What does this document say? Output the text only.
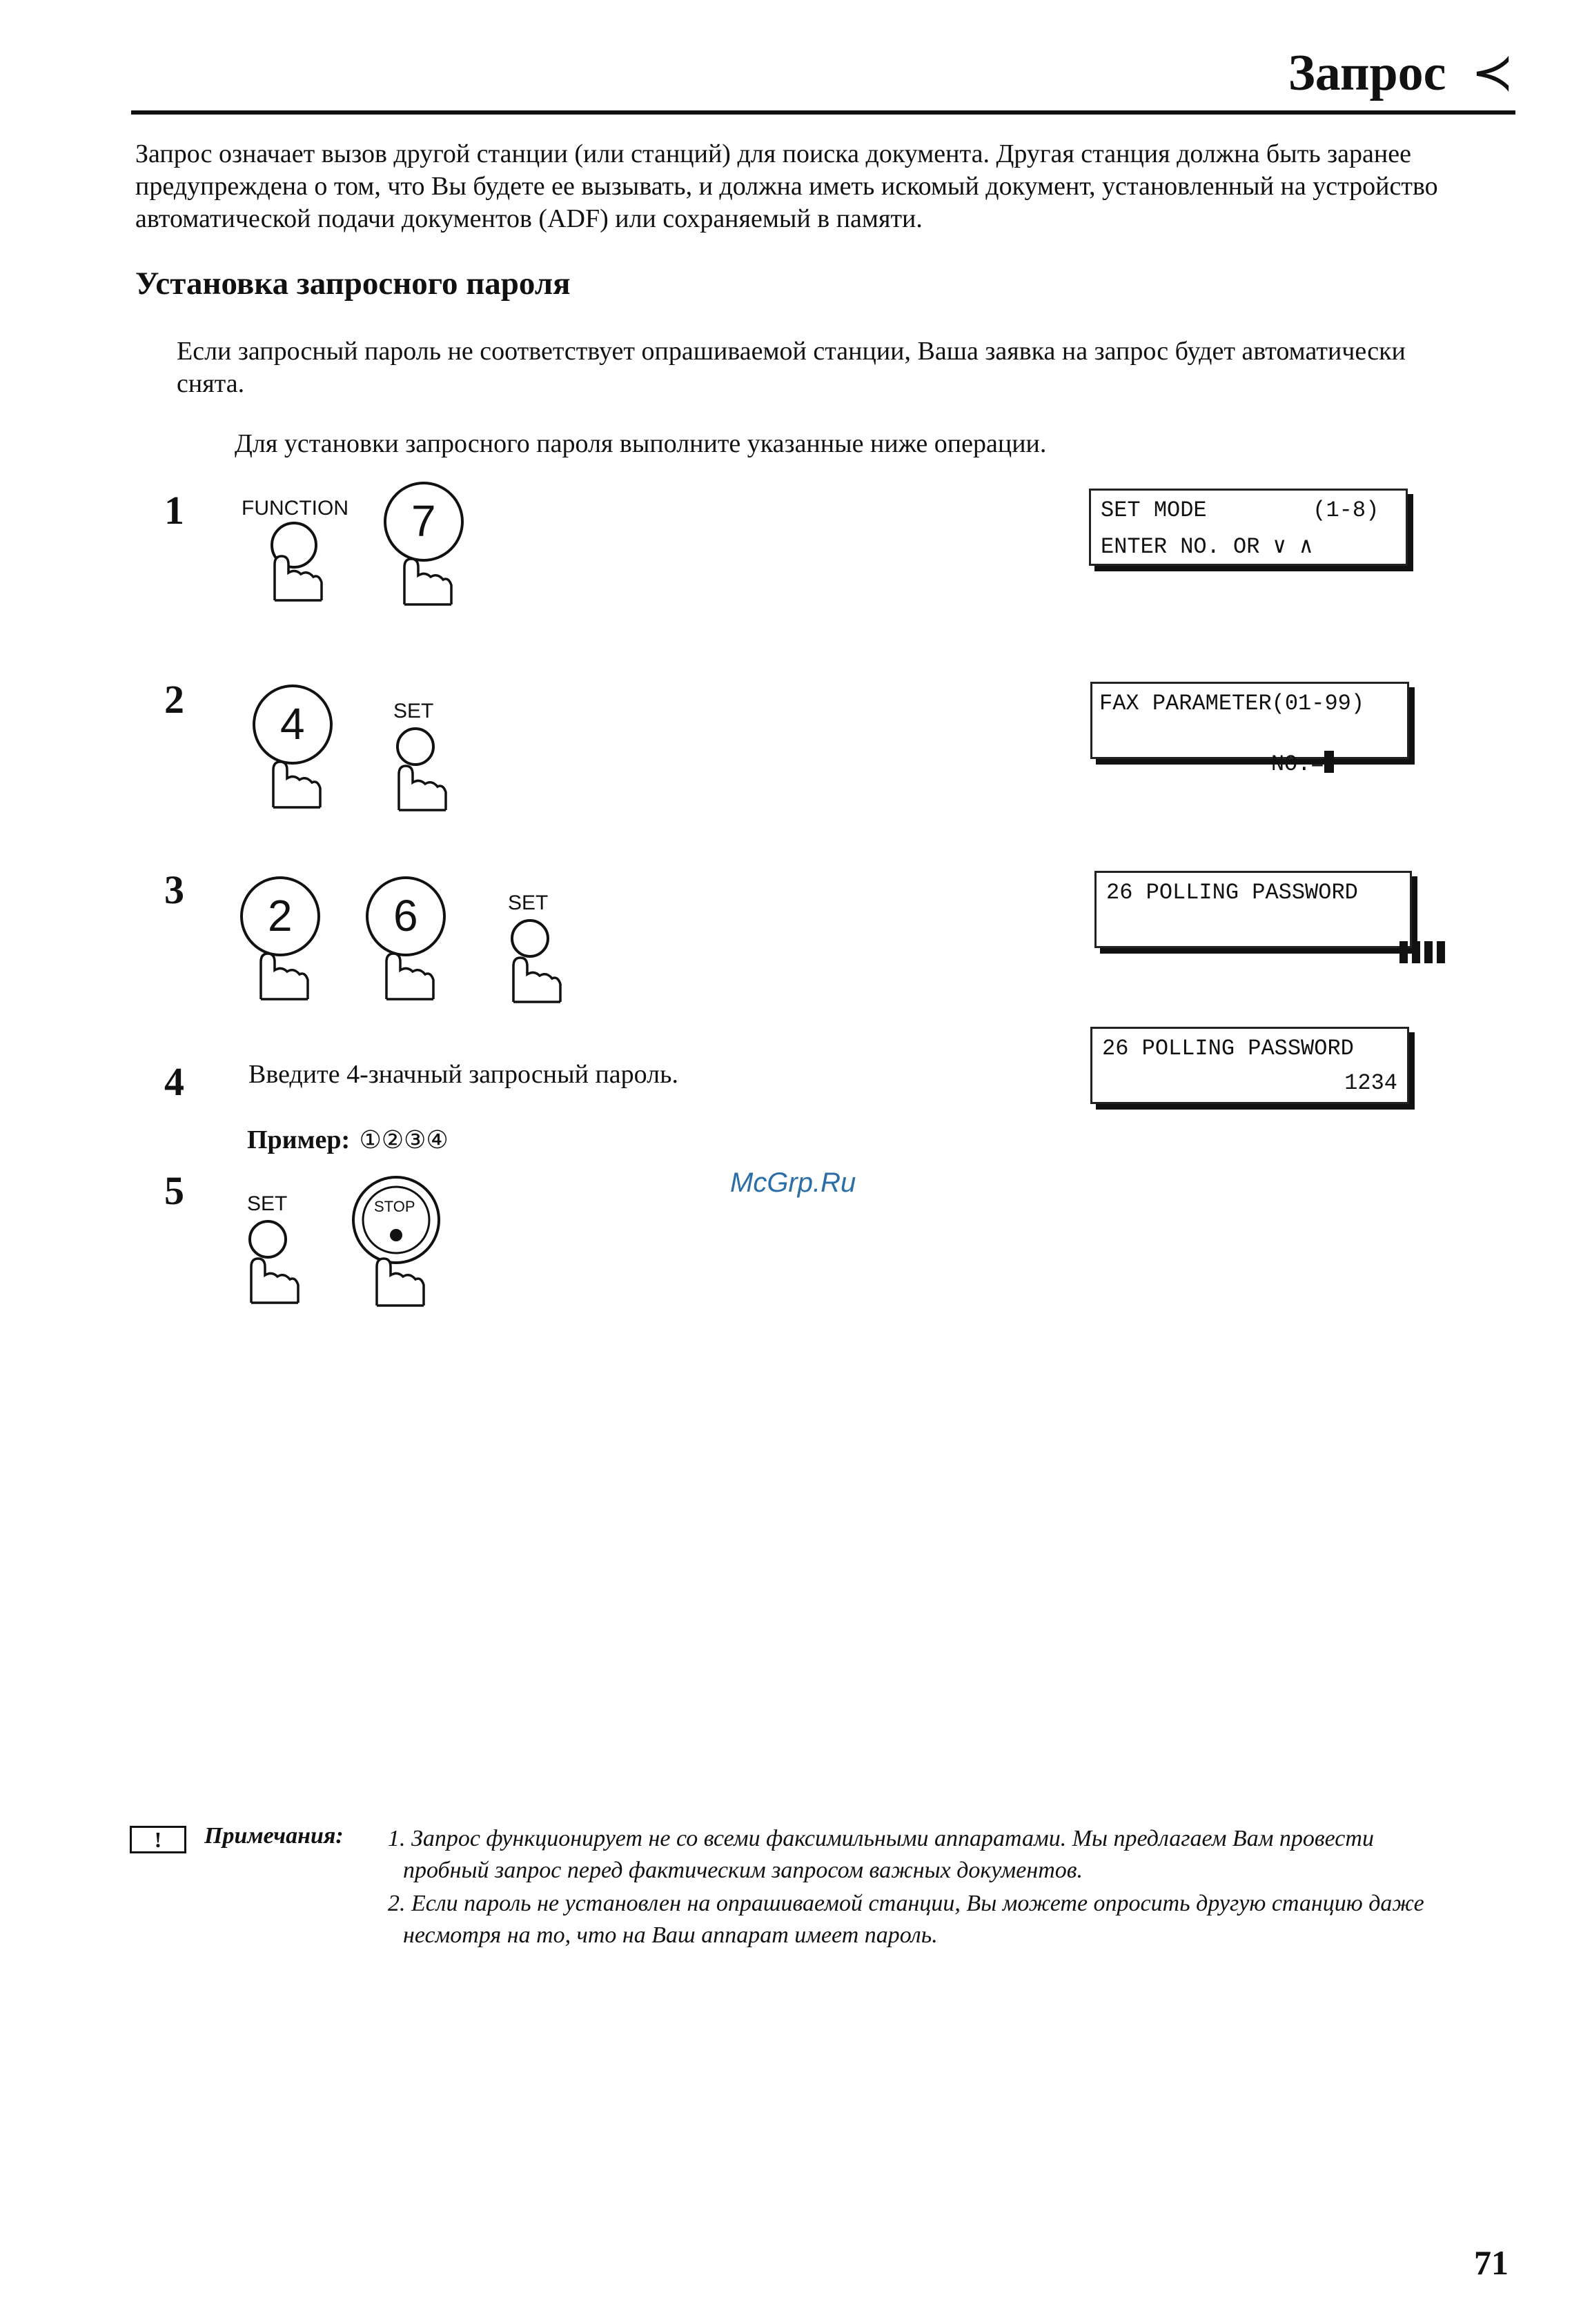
Запрос ≺
Запрос означает вызов другой станции (или станций) для поиска документа. Другая станция должна быть заранее предупреждена о том, что Вы будете ее вызывать, и должна иметь искомый документ, установленный на устройство автоматической подачи документов (ADF) или сохраняемый в памяти.
Установка запросного пароля
Если запросный пароль не соответствует опрашиваемой станции, Ваша заявка на запрос будет автоматически снята.
Для установки запросного пароля выполните указанные ниже операции.
1
2
3
4
5
FUNCTION 7	SET MODE        (1-8)
ENTER NO. OR ∨ ∧
4	SET	FAX PARAMETER(01-99)

NO.=

2 6	SET	26 POLLING PASSWORD

Введите 4-значный запросный пароль.
Пример: ①②③④
26 POLLING PASSWORD
1234
SET	STOP
McGrp.Ru
!	Примечания: 1. Запрос функционирует не со всеми факсимильными аппаратами. Мы предлагаем Вам провести
пробный запрос перед фактическим запросом важных документов.
2. Если пароль не установлен на опрашиваемой станции, Вы можете опросить другую станцию даже
несмотря на то, что на Ваш аппарат имеет пароль.
71
